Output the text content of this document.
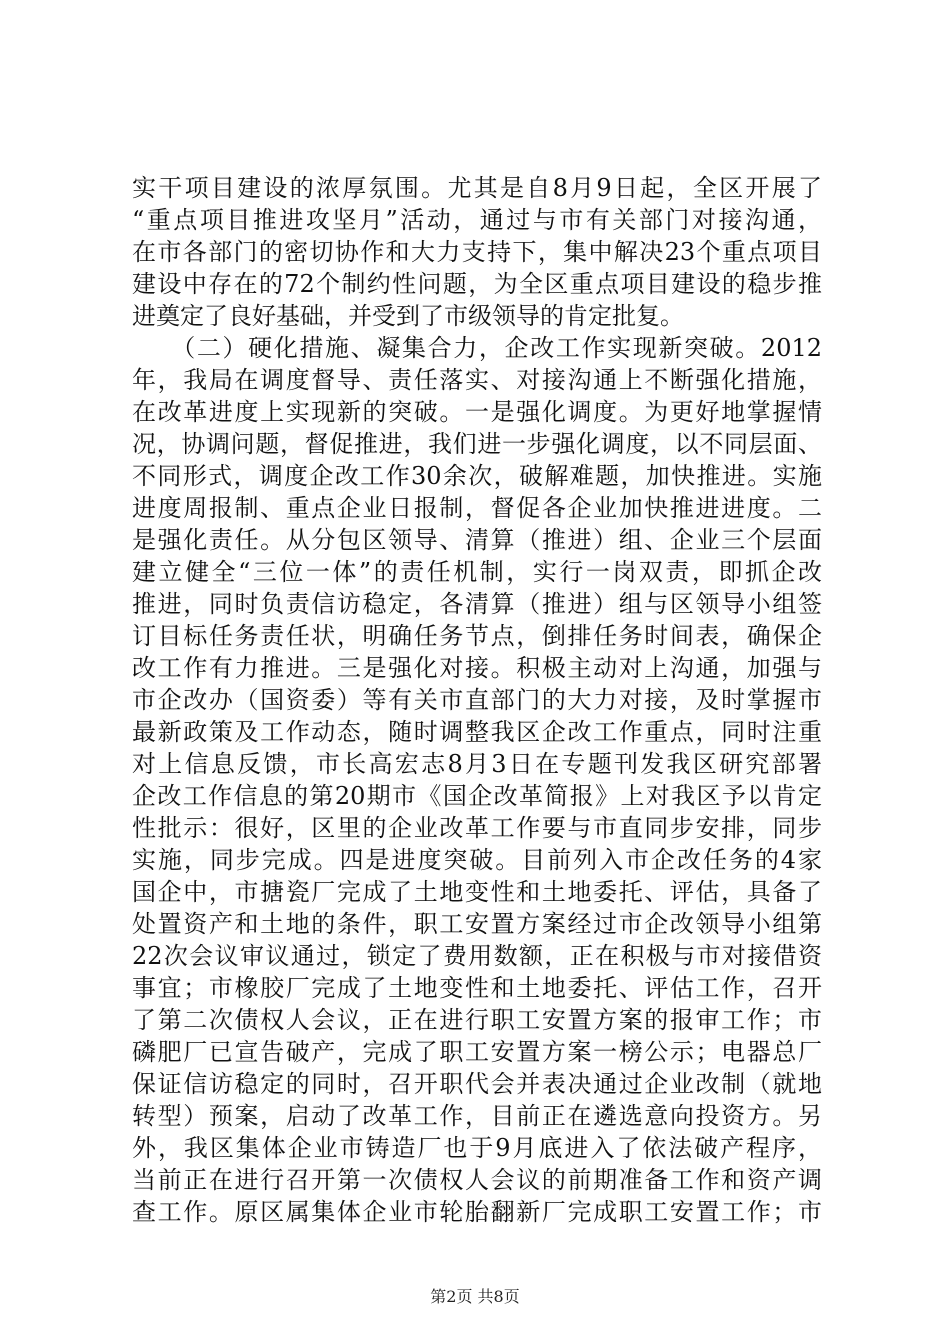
实干项目建设的浓厚氛围。尤其是自8月9日起，全区开展了
“重点项目推进攻坚月”活动，通过与市有关部门对接沟通，
在市各部门的密切协作和大力支持下，集中解决23个重点项目
建设中存在的72个制约性问题，为全区重点项目建设的稳步推
进奠定了良好基础，并受到了市级领导的肯定批复。
　　（二）硬化措施、凝集合力，企改工作实现新突破。2012
年，我局在调度督导、责任落实、对接沟通上不断强化措施，
在改革进度上实现新的突破。一是强化调度。为更好地掌握情
况，协调问题，督促推进，我们进一步强化调度，以不同层面、
不同形式，调度企改工作30余次，破解难题，加快推进。实施
进度周报制、重点企业日报制，督促各企业加快推进进度。二
是强化责任。从分包区领导、清算（推进）组、企业三个层面
建立健全“三位一体”的责任机制，实行一岗双责，即抓企改
推进，同时负责信访稳定，各清算（推进）组与区领导小组签
订目标任务责任状，明确任务节点，倒排任务时间表，确保企
改工作有力推进。三是强化对接。积极主动对上沟通，加强与
市企改办（国资委）等有关市直部门的大力对接，及时掌握市
最新政策及工作动态，随时调整我区企改工作重点，同时注重
对上信息反馈，市长高宏志8月3日在专题刊发我区研究部署
企改工作信息的第20期市《国企改革简报》上对我区予以肯定
性批示：很好，区里的企业改革工作要与市直同步安排，同步
实施，同步完成。四是进度突破。目前列入市企改任务的4家
国企中，市搪瓷厂完成了土地变性和土地委托、评估，具备了
处置资产和土地的条件，职工安置方案经过市企改领导小组第
22次会议审议通过，锁定了费用数额，正在积极与市对接借资
事宜；市橡胶厂完成了土地变性和土地委托、评估工作，召开
了第二次债权人会议，正在进行职工安置方案的报审工作；市
磷肥厂已宣告破产，完成了职工安置方案一榜公示；电器总厂
保证信访稳定的同时，召开职代会并表决通过企业改制（就地
转型）预案，启动了改革工作，目前正在遴选意向投资方。另
外，我区集体企业市铸造厂也于9月底进入了依法破产程序，
当前正在进行召开第一次债权人会议的前期准备工作和资产调
查工作。原区属集体企业市轮胎翻新厂完成职工安置工作；市
第2页 共8页
